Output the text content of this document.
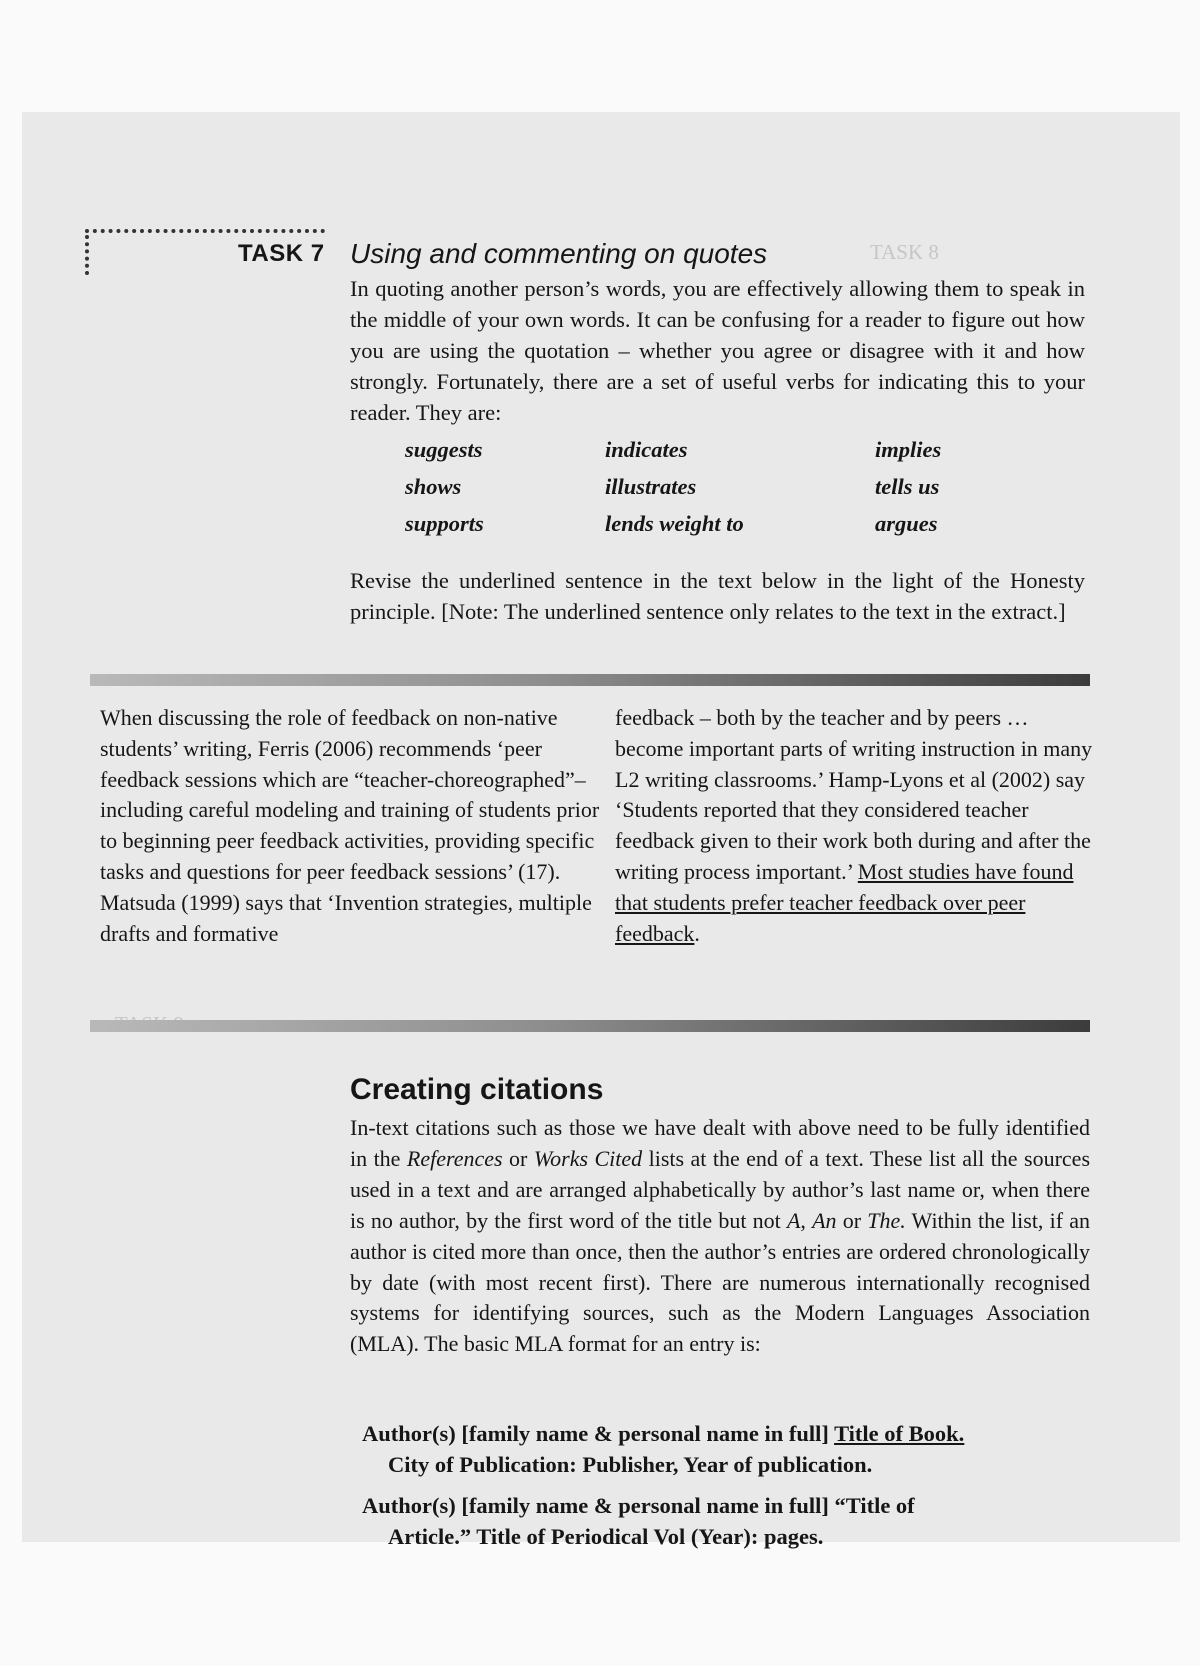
TASK 8
TASK 7 Using and commenting on quotes
In quoting another person’s words, you are effectively allowing them to speak in the middle of your own words. It can be confusing for a reader to figure out how you are using the quotation – whether you agree or disagree with it and how strongly. Fortunately, there are a set of useful verbs for indicating this to your reader. They are:
suggests	indicates	implies
shows	illustrates	tells us
supports	lends weight to	argues
Revise the underlined sentence in the text below in the light of the Honesty principle. [Note: The underlined sentence only relates to the text in the extract.]
When discussing the role of feedback on non-native students’ writing, Ferris (2006) recommends ‘peer feedback sessions which are “teacher-choreographed”– including careful modeling and training of students prior to beginning peer feedback activities, providing specific tasks and questions for peer feedback sessions’ (17). Matsuda (1999) says that ‘Invention strategies, multiple drafts and formative
feedback – both by the teacher and by peers … become important parts of writing instruction in many L2 writing classrooms.’ Hamp-Lyons et al (2002) say ‘Students reported that they considered teacher feedback given to their work both during and after the writing process important.’ Most studies have found that students prefer teacher feedback over peer feedback.
Creating citations
In-text citations such as those we have dealt with above need to be fully identified in the References or Works Cited lists at the end of a text. These list all the sources used in a text and are arranged alphabetically by author’s last name or, when there is no author, by the first word of the title but not A, An or The. Within the list, if an author is cited more than once, then the author’s entries are ordered chronologically by date (with most recent first). There are numerous internationally recognised systems for identifying sources, such as the Modern Languages Association (MLA). The basic MLA format for an entry is:
Author(s) [family name & personal name in full] Title of Book.
City of Publication: Publisher, Year of publication.
Author(s) [family name & personal name in full] “Title of
Article.” Title of Periodical Vol (Year): pages.
